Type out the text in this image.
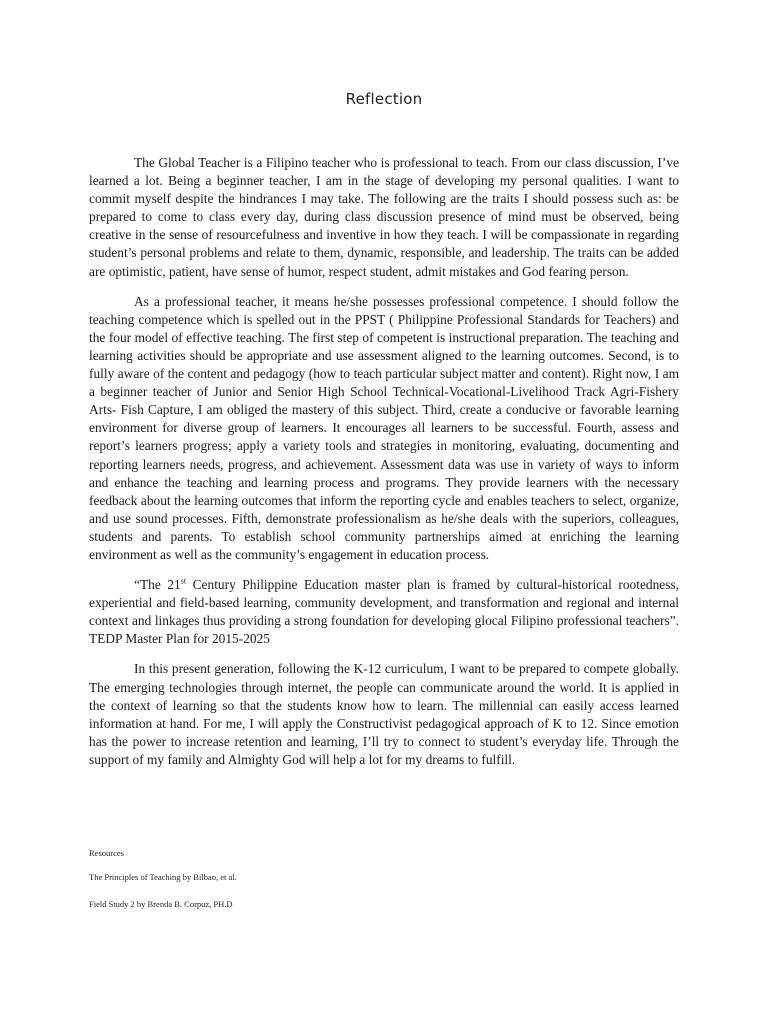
Reflection

The Global Teacher is a Filipino teacher who is professional to teach. From our class discussion, I’ve learned a lot. Being a beginner teacher, I am in the stage of developing my personal qualities. I want to commit myself despite the hindrances I may take. The following are the traits I should possess such as: be prepared to come to class every day, during class discussion presence of mind must be observed, being creative in the sense of resourcefulness and inventive in how they teach. I will be compassionate in regarding student’s personal problems and relate to them, dynamic, responsible, and leadership. The traits can be added are optimistic, patient, have sense of humor, respect student, admit mistakes and God fearing person.

As a professional teacher, it means he/she possesses professional competence. I should follow the teaching competence which is spelled out in the PPST ( Philippine Professional Standards for Teachers) and the four model of effective teaching. The first step of competent is instructional preparation. The teaching and learning activities should be appropriate and use assessment aligned to the learning outcomes. Second, is to fully aware of the content and pedagogy (how to teach particular subject matter and content). Right now, I am a beginner teacher of Junior and Senior High School Technical-Vocational-Livelihood Track Agri-Fishery Arts- Fish Capture, I am obliged the mastery of this subject. Third, create a conducive or favorable learning environment for diverse group of learners. It encourages all learners to be successful. Fourth, assess and report’s learners progress; apply a variety tools and strategies in monitoring, evaluating, documenting and reporting learners needs, progress, and achievement. Assessment data was use in variety of ways to inform and enhance the teaching and learning process and programs. They provide learners with the necessary feedback about the learning outcomes that inform the reporting cycle and enables teachers to select, organize, and use sound processes. Fifth, demonstrate professionalism as he/she deals with the superiors, colleagues, students and parents. To establish school community partnerships aimed at enriching the learning environment as well as the community’s engagement in education process.

“The 21st Century Philippine Education master plan is framed by cultural-historical rootedness, experiential and field-based learning, community development, and transformation and regional and internal context and linkages thus providing a strong foundation for developing glocal Filipino professional teachers”. TEDP Master Plan for 2015-2025

In this present generation, following the K-12 curriculum, I want to be prepared to compete globally. The emerging technologies through internet, the people can communicate around the world. It is applied in the context of learning so that the students know how to learn. The millennial can easily access learned information at hand. For me, I will apply the Constructivist pedagogical approach of K to 12. Since emotion has the power to increase retention and learning, I’ll try to connect to student’s everyday life. Through the support of my family and Almighty God will help a lot for my dreams to fulfill.

Resources
The Principles of Teaching by Bilbao, et al.
Field Study 2 by Brenda B. Corpuz, PH.D
